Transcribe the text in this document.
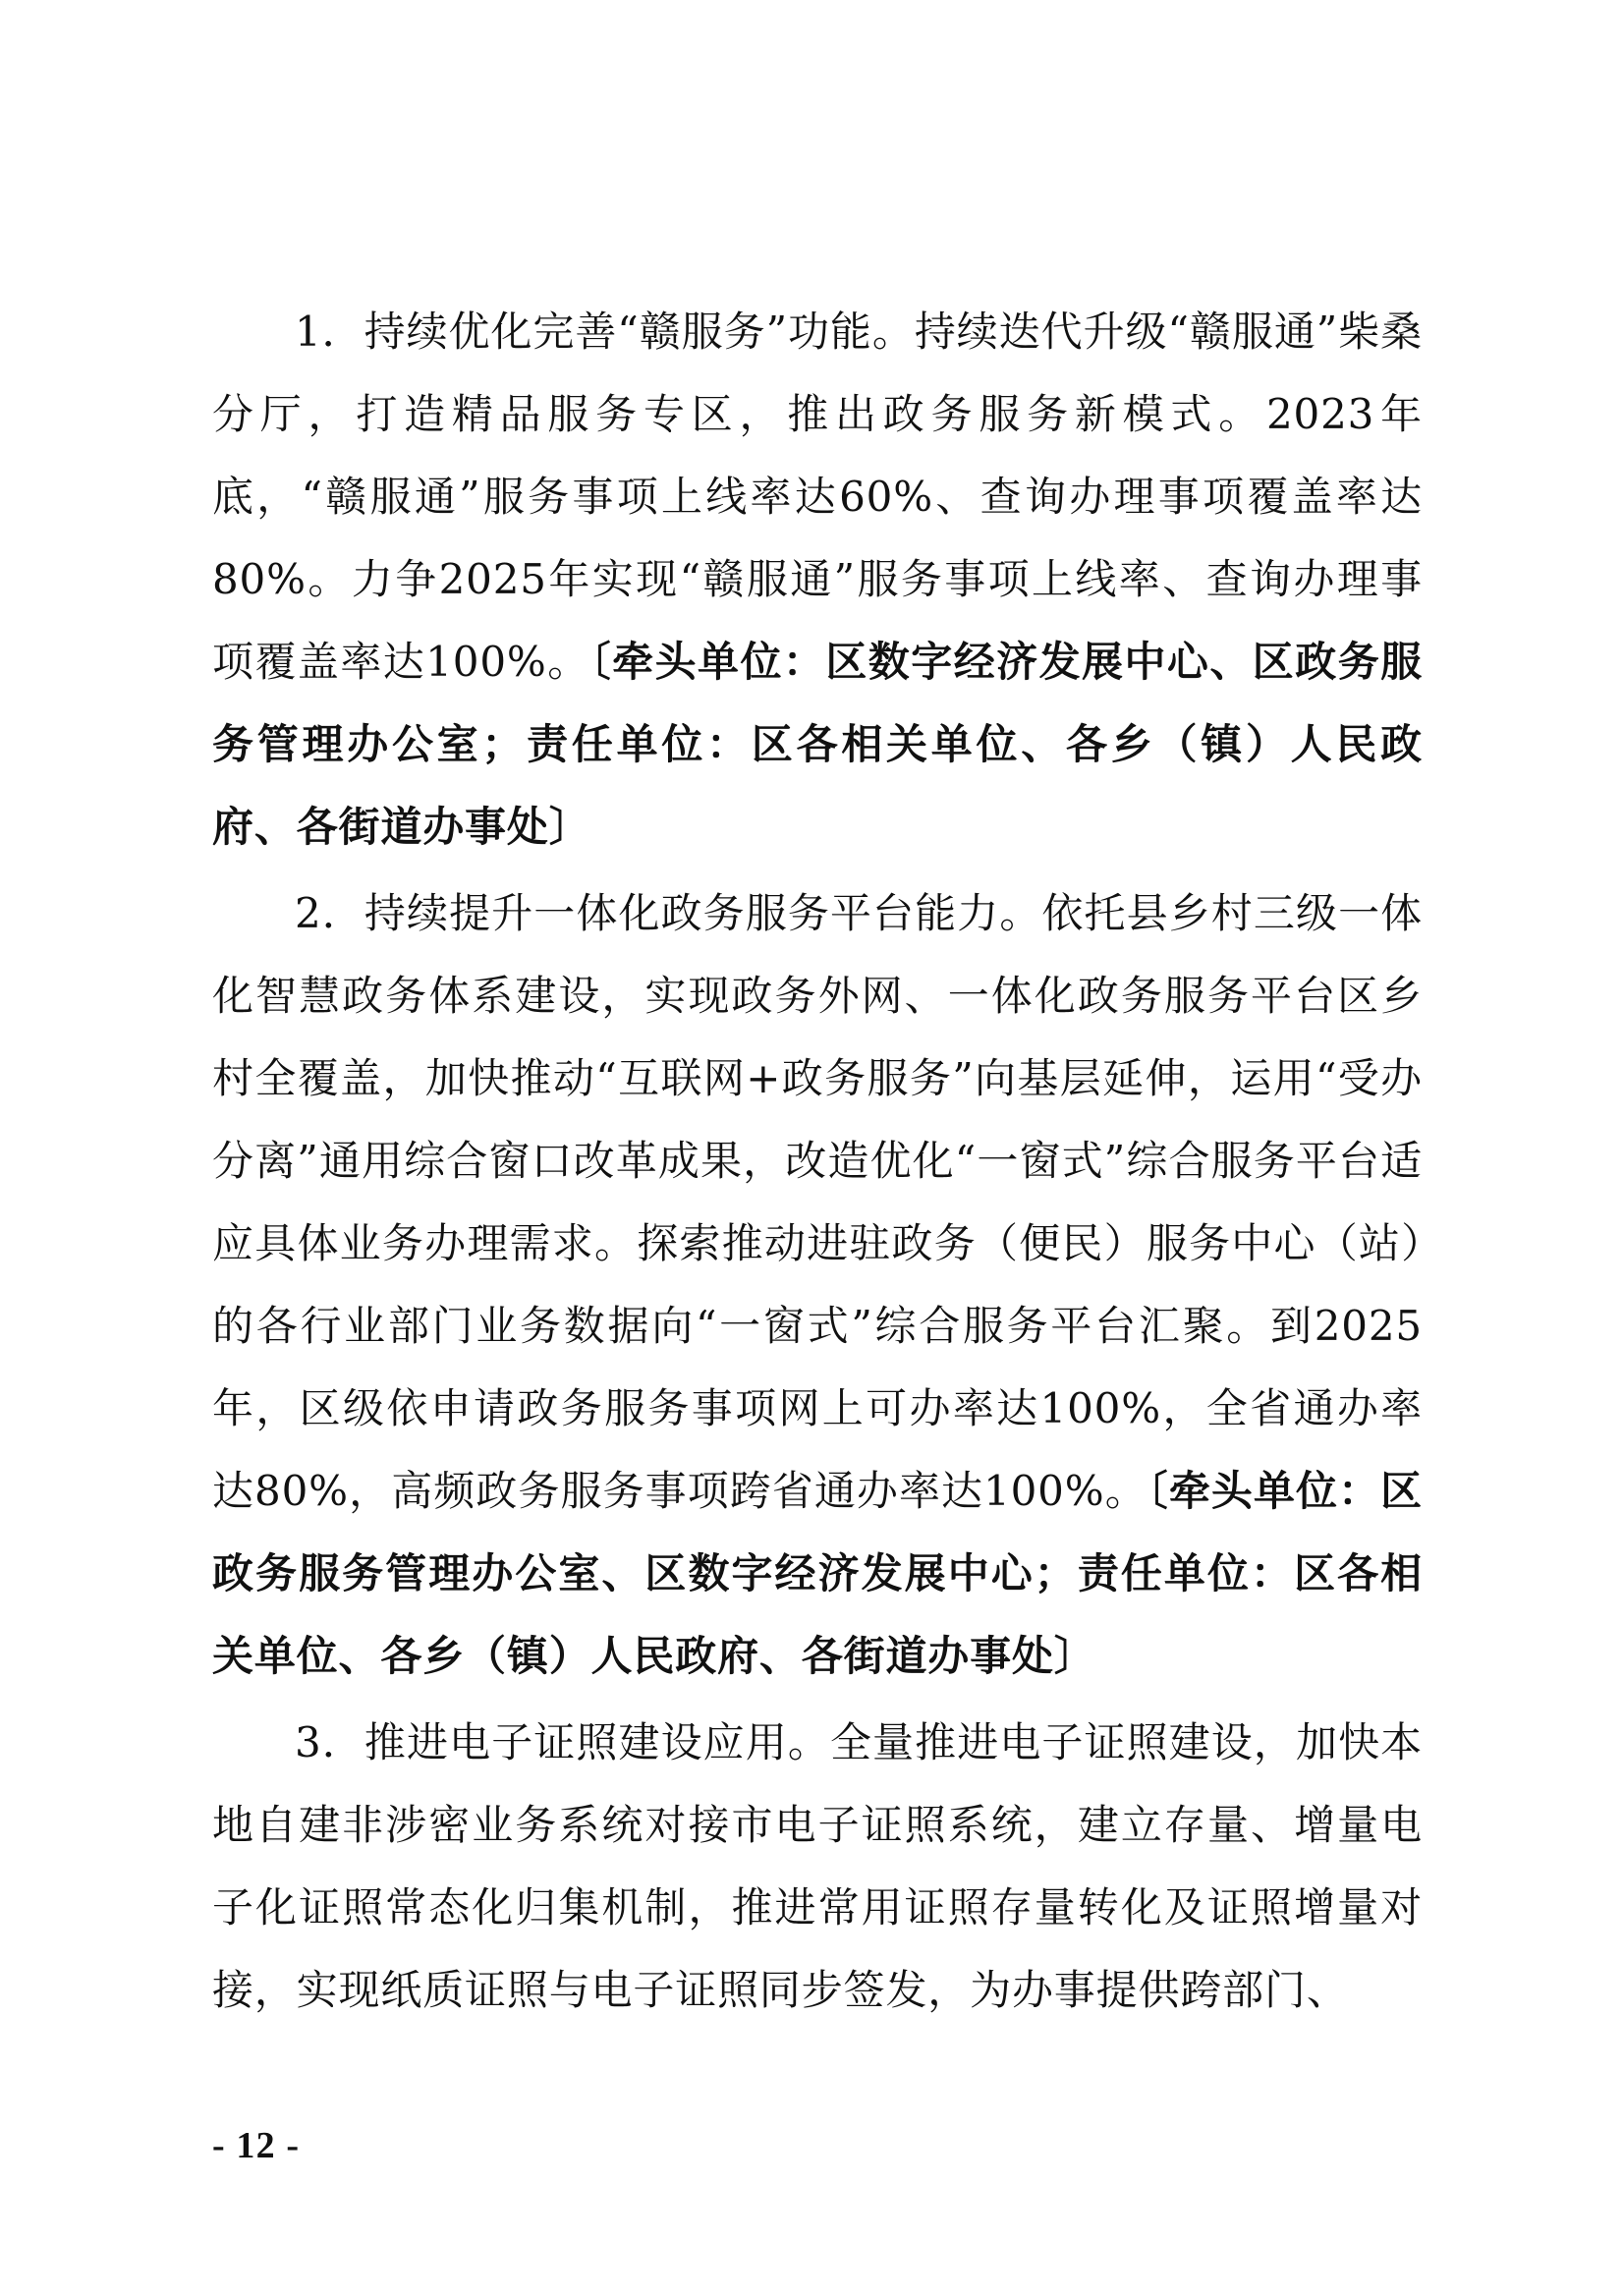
1．持续优化完善“赣服务”功能。持续迭代升级“赣服通”柴桑分厅，打造精品服务专区，推出政务服务新模式。2023年底，“赣服通”服务事项上线率达60%、查询办理事项覆盖率达80%。力争2025年实现“赣服通”服务事项上线率、查询办理事项覆盖率达100%。〔牵头单位：区数字经济发展中心、区政务服务管理办公室；责任单位：区各相关单位、各乡（镇）人民政府、各街道办事处〕

2．持续提升一体化政务服务平台能力。依托县乡村三级一体化智慧政务体系建设，实现政务外网、一体化政务服务平台区乡村全覆盖，加快推动“互联网+政务服务”向基层延伸，运用“受办分离”通用综合窗口改革成果，改造优化“一窗式”综合服务平台适应具体业务办理需求。探索推动进驻政务（便民）服务中心（站）的各行业部门业务数据向“一窗式”综合服务平台汇聚。到2025年，区级依申请政务服务事项网上可办率达100%，全省通办率达80%，高频政务服务事项跨省通办率达100%。〔牵头单位：区政务服务管理办公室、区数字经济发展中心；责任单位：区各相关单位、各乡（镇）人民政府、各街道办事处〕

3．推进电子证照建设应用。全量推进电子证照建设，加快本地自建非涉密业务系统对接市电子证照系统，建立存量、增量电子化证照常态化归集机制，推进常用证照存量转化及证照增量对接，实现纸质证照与电子证照同步签发，为办事提供跨部门、

- 12 -
